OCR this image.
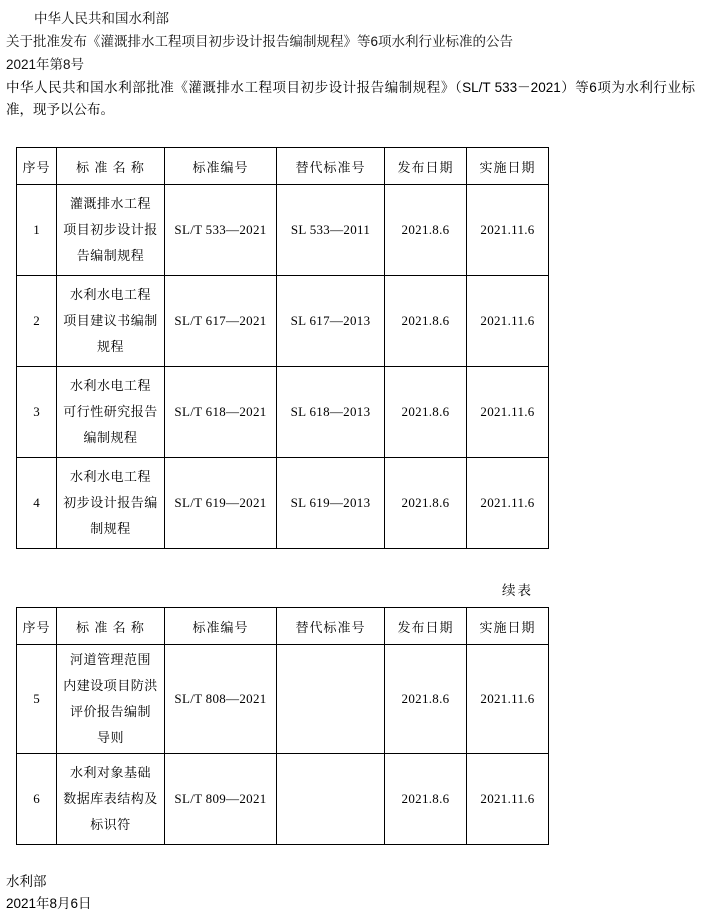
中华人民共和国水利部
关于批准发布《灌溉排水工程项目初步设计报告编制规程》等6项水利行业标准的公告
2021年第8号
中华人民共和国水利部批准《灌溉排水工程项目初步设计报告编制规程》（SL/T 533－2021）等6项为水利行业标准，现予以公布。
序号	标 准 名 称	标准编号	替代标准号	发布日期	实施日期
1	灌溉排水工程
项目初步设计报
告编制规程	SL/T 533—2021	SL 533—2011	2021.8.6	2021.11.6
2	水利水电工程
项目建议书编制
规程	SL/T 617—2021	SL 617—2013	2021.8.6	2021.11.6
3	水利水电工程
可行性研究报告
编制规程	SL/T 618—2021	SL 618—2013	2021.8.6	2021.11.6
4	水利水电工程
初步设计报告编
制规程	SL/T 619—2021	SL 619—2013	2021.8.6	2021.11.6
续表
序号	标 准 名 称	标准编号	替代标准号	发布日期	实施日期
5	河道管理范围
内建设项目防洪
评价报告编制
导则	SL/T 808—2021		2021.8.6	2021.11.6
6	水利对象基础
数据库表结构及
标识符	SL/T 809—2021		2021.8.6	2021.11.6
水利部
2021年8月6日
